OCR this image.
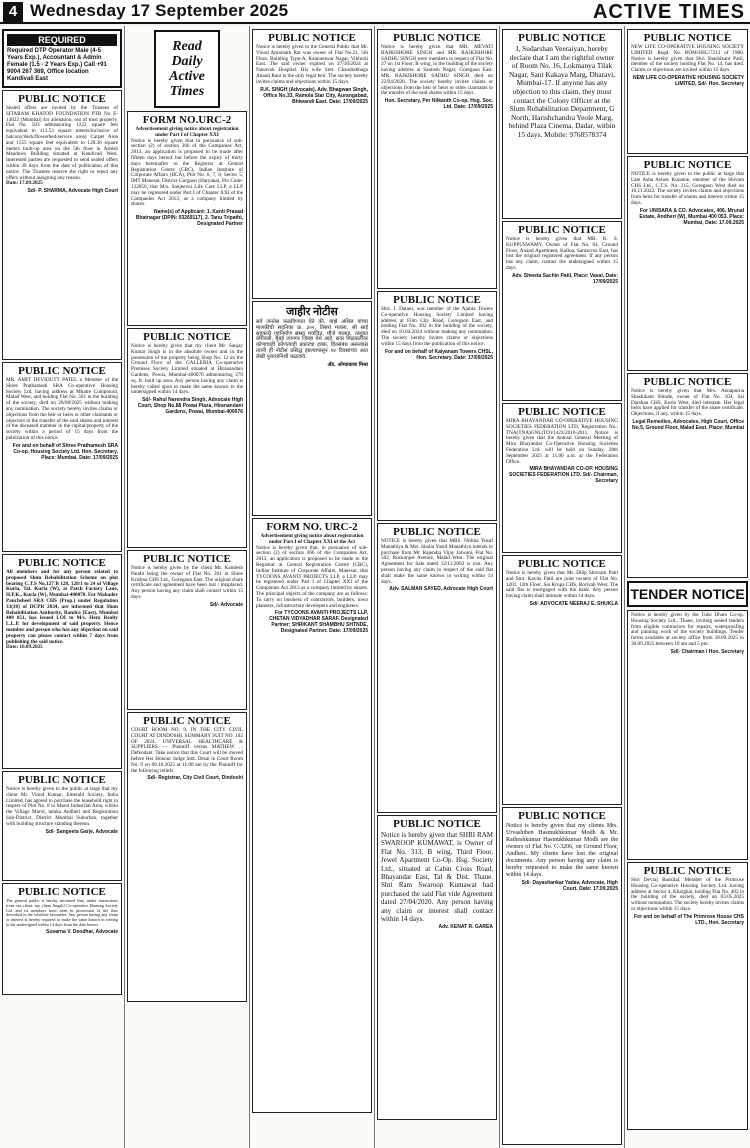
4 Wednesday 17 September 2025	ACTIVE TIMES
REQUIRED

Required DTP Operator Male (4-5 Years Exp.), Accountant & Admin Female (1.5 - 2 Years Exp.) Call +91 9004 267 369, Office location Kandivali East

PUBLIC NOTICE

Sealed offers are invited by the Trustees of SITARAM KHATOD FOUNDATION PTR No E-13822 (Mumbai) for alienation, out of trust property. Flat No. 503 admeasuring 1222 square feet equivalent to 113.53 square meters/inclusive of balcony/deck/flowerbed/service area) Carpet Area and 1555 square feet equivalent to 128.36 square meters built-up area on the 5th floor in Ashish Meadows Building situated at Kandivali West. Interested parties are requested to send sealed offers within 30 days from the date of publication of this notice. The Trustees reserve the right to reject any offers without assigning any reason.

Date: 17.09.2025

Sd/- P. SHARMA, Advocate High Court

PUBLIC NOTICE

MR. AMIT DEVIDUTT PATEL a Member of the Shree Prathamesh SRA Co-operative Housing Society Ltd. having address at Mhatre Compound, Malad West, and holding Flat No. 501 in the building of the society, died on 26/08/2025 without making any nomination. The society hereby invites claims or objections from the heir or heirs or other claimants or objectors to the transfer of the said shares and interest of the deceased member in the capital/property of the society within a period of 15 days from the publication of this notice.

For and on behalf of Shree Prathamesh SRA Co-op. Housing Society Ltd. Hon. Secretary, Place: Mumbai, Date: 17/09/2025

PUBLIC NOTICE

All members and for any person related to proposed Slum Rehabilitation Scheme on plot bearing C.T.S No.127 B 128, 128/1 to 24 of Village Kurla, Tal. Kurla (W), at Patch Factory Lane, H.P.K., Kurla (W), Mumbai-400070. For Mahadev Panchsheel SRA CHS (Prop.) under Regulation 33(10) of DCPR 2034, are informed that Slum Rehabilitation Authority, Bandra (East), Mumbai 400 051, has issued LOI to M/s. Hero Realty L.L.P. for development of said property. Hence member and person who has any objection on said property can please contact within 7 days from publishing the said notice.

Date: 16.09.2025

PUBLIC NOTICE

Notice is hereby given to the public at large that my client Mr. Vinod Kumar, Emerald Society, India Limited, has agreed to purchase the leasehold right in respect of Plot No. 8 in Marol Industrial Area, within the Village Marol, taluka Andheri and Registration Sub-District, District Mumbai Suburban, together with building structure standing thereon.

Sd/- Sangeeta Garje, Advocate

PUBLIC NOTICE

The general public is hereby informed that, under instructions from our client, my client Angalil Co-operative Housing Society Ltd. and its members have been in possession of the flats described in the schedule hereunder. Any person having any claim or interest is hereby required to make the same known in writing to the undersigned within 14 days from the date hereof.

Suvarna V. Deodhar, Advocate

Read Daily Active Times
FORM NO.URC-2

Advertisement giving notice about registration under Part I of Chapter XXI

Notice is hereby given that in pursuance of sub-section (2) of section 366 of the Companies Act, 2013, an application is proposed to be made after fifteen days hereof but before the expiry of thirty days hereinafter to the Registrar at Central Registration Centre (CRC), Indian Institute of Corporate Affairs (IICA), Plot No. 6, 7, 8, Sector 5, IMT Manesar, District Gurgaon (Haryana), Pin Code-122050, that M/s. Sanjeevni Life Care LLP, a LLP may be registered under Part I of Chapter XXI of the Companies Act 2013, as a company limited by shares.

Name(s) of Applicant: 1. Kanti Prasad Bhatnagar (DPIN: 03269117), 2. Tanu Tripathi, Designated Partner

PUBLIC NOTICE

Notice is hereby given that my client Mr. Sanjay Kumar Singh is in the absolute owner and in the possession of the property being Shop No. 12 on the Ground Floor of the GALLERIA Co-operative Premises Society Limited situated at Hiranandani Gardens, Powai, Mumbai-400076 admeasuring 270 sq. ft. built up area. Any person having any claim is hereby called upon to make the same known to the undersigned within 14 days.

Sd/- Rahul Narendra Singh, Advocate High Court, Shop No.88 Powai Plaza, Hiranandani Gardens, Powai, Mumbai-400076

PUBLIC NOTICE

Notice is hereby given by the client Mr. Kamlesh Pandit being the owner of Flat No. 201 in Shree Krishna CHS Ltd., Goregaon East. The original share certificate and agreement have been lost / misplaced. Any person having any claim shall contact within 15 days.

Sd/- Advocate

PUBLIC NOTICE

COURT ROOM NO. 9, IN THE CITY CIVIL COURT AT DINDOSHI. SUMMARY SUIT NO. 102 OF 2024. UNIVERSAL HEALTHCARE & SUPPLIERS — Plaintiff versus MATHEW ... Defendant. Take notice that this Court will be moved before Her Honour Judge Smt. Desai in Court Room No. 9 on 09.10.2025 at 11.00 am by the Plaintiff for the following reliefs.

Sd/- Registrar, City Civil Court, Dindoshi

PUBLIC NOTICE

Notice is hereby given to the General Public that Mr. Vinod Amarnath Rai was owner of Flat No.21, 5th Floor, Building Type-A, Kannamwar Nagar, Vikhroli East. The said owner expired on 27/10/2024 at Nanavati Hospital. His wife Smt. Chandrabhaga Anand Raut is the only legal heir. The society hereby invites claims and objections within 15 days.

R.K. SINGH (Advocate), Adv. Bhagwan Singh, Office No.33, Ramola Star City, Aurangabad, Bhiwandi East. Date: 17/09/2025

जाहीर नोटीस

सर्व जनतेस कळविण्यात येते की, माझे अशिल यांच्या मालकीची सदनिका क्र. ३०२, तिसरा मजला, श्री साई सहकारी गृहनिर्माण संस्था मर्यादित, मौजे मालाड, तालुका बोरीवली, मुंबई उपनगर जिल्हा येथे आहे. सदर मिळकतीवर कोणाचाही कोणत्याही प्रकारचा हक्क, हितसंबंध असल्यास त्यांनी ही नोटीस प्रसिद्ध झाल्यापासून १४ दिवसांच्या आत लेखी पुराव्यानिशी कळवावे.

ॲड. ओमप्रकाश मिश्रा

FORM NO. URC-2

Advertisement giving notice about registration under Part I of Chapter XXI of the Act

Notice is hereby given that, in pursuance of sub-section (2) of section 366 of the Companies Act, 2013, an application is proposed to be made to the Registrar at Central Registration Centre (CRC), Indian Institute of Corporate Affairs, Manesar, that TYCOONS AVANTI PROJECTS LLP, a LLP, may be registered under Part I of Chapter XXI of the Companies Act 2013 as a company limited by shares. The principal objects of the company are as follows: To carry on business of contractors, builders, town planners, infrastructure developers and engineers.

For TYCOONS AVANTI PROJECTS LLP, CHETAN VIDYADHAR SARAF, Designated Partner; SHRIKANT SHAMBHU SHTNDE, Designated Partner. Date: 17/09/2025

PUBLIC NOTICE

Notice is hereby given that MR. MEVATI RAJKISHORE SINGH and MR. RAJKISHORE SADHU SINGH were members in respect of Flat No. 37 on 1st Floor, B wing, in the building of the society having address at Santosh Nagar, Goregaon East. MR. RAJKISHORE SADHU SINGH died on 22/04/2020. The society hereby invites claims or objections from the heir or heirs or other claimants to the transfer of the said shares within 15 days.

Hon. Secretary, Per Nilkanth Co-op. Hsg. Soc. Ltd. Date: 17/09/2025

PUBLIC NOTICE

Shri. J. Datani, was member of the Ajanta Towers Co-operative Housing Society Limited having address at Film City Road, Goregaon East, and holding Flat No. 302 in the building of the society, died on 10.04.2024 without making any nomination. The society hereby invites claims or objections within 15 days from the publication of this notice.

For and on behalf of Kalyanam Towers CHSL, Hon. Secretary. Date: 17/09/2025

PUBLIC NOTICE

NOTICE is hereby given that MRS. Nilima Yusuf Manathiya & Mrs. Shaila Yusuf Manathiya intends to purchase from Mr. Rajendra Vijay Jatwani, Flat No. 502, Rustomjee Avenue, Malad West. The original Agreement for Sale dated 12/11/2003 is lost. Any person having any claim in respect of the said flat shall make the same known in writing within 14 days.

Adv. SALMAN SAYED, Advocate High Court

PUBLIC NOTICE

Notice is hereby given that SHRI RAM SWAROOP KUMAWAT, is Owner of Flat No. 313, B wing, Third Floor, Jewel Apartment Co-Op. Hsg. Society Ltd., situated at Cabin Cross Road, Bhayandar East, Tal & Dist. Thane. Shri Ram Swaroop Kumawat had purchased the said Flat vide Agreement dated 27/04/2020. Any person having any claim or interest shall contact within 14 days.

Adv. KENAT R. GAREA

PUBLIC NOTICE

I, Sudarshan Veeraiyan, hereby declare that I am the rightful owner of Room No. 16, Lokmanya Tilak Nagar, Sant Kakaya Marg, Dharavi, Mumbai-17. If anyone has any objection to this claim, they must contact the Colony Officer at the Slum Rehabilitation Department, G North, Harishchandra Yeole Marg, behind Plaza Cinema, Dadar, within 15 days. Mobile: 9768578374

PUBLIC NOTICE

Notice is hereby given that MR. R. S. KUPPUSWAMY, Owner of Flat No. 04, Ground Floor, Anand Apartment, Kalina, Santacruz East, has lost the original registered agreement. If any person has any claim, contact the undersigned within 15 days.

Adv. Shweta Sachin Patil, Place: Vasai, Date: 17/09/2025

PUBLIC NOTICE

MIRA BHAYANDAR CO-OPERATIVE HOUSING SOCIETIES FEDERATION LTD, Registration No.: TNA(TNA)GNL(TO)/1423/2010-2011. Notice is hereby given that the Annual General Meeting of Mira Bhayandar Co-Operative Housing Societies Federation Ltd. will be held on Sunday, 28th September 2025 at 11.00 a.m. at the Federation Office.

MIRA BHAYANDAR CO-OP. HOUSING SOCIETIES FEDERATION LTD. Sd/- Chairman, Secretary

PUBLIC NOTICE

Notice is hereby given that Mr. Dilip Shivram Patil and Smt. Kavita Patil are joint owners of Flat No. 1201, 12th Floor, Sai Krupa CHS, Borivali West. The said flat is mortgaged with the bank. Any person having claim shall intimate within 14 days.

Sd/- ADVOCATE NEERAJ E. SHUKLA

PUBLIC NOTICE

Notice is hereby given that my clients Mrs. Urvashiben Hasmukhkumar Modh & Mr. Ratheshkumar Hasmukhkumar Modh are the owners of Flat No. C-3206, on Ground Floor, Andheri. My clients have lost the original documents. Any person having any claim is hereby requested to make the same known within 14 days.

Sd/- Dayashankar Yadav, Advocate, High Court. Date: 17.09.2025

PUBLIC NOTICE

NEW LIFE CO-OPERATIVE HOUSING SOCIETY LIMITED. Regd. No. BOM/HSG/7213 of 1980. Notice is hereby given that Shri Shashikant Patil, member of the society holding Flat No. 14, has died. Claims or objections are invited within 15 days.

NEW LIFE CO-OPERATIVE HOUSING SOCIETY LIMITED, Sd/- Hon. Secretary

PUBLIC NOTICE

NOTICE is hereby given to the public at large that Late Asha Ashok Kuranne, member of the Shivam CHS Ltd., C.T.S. No. 215, Goregaon West died on 10.11.2022. The society invites claims and objections from heirs for transfer of shares and interest within 15 days.

For UNISARA & CO. Advocates, 406, Mrunal Estate, Andheri (W), Mumbai 400 053. Place: Mumbai, Date: 17.09.2025

PUBLIC NOTICE

Notice is hereby given that Mrs. Annapurna Shashikant Shinde, owner of Flat No. 104, Sai Darshan CHS, Kurla West, died intestate. Her legal heirs have applied for transfer of the share certificate. Objections, if any, within 15 days.

Legal Remedies, Advocates, High Court, Office No.5, Ground Floor, Malad East. Place: Mumbai

TENDER NOTICE

Notice is hereby given by the Tulsi Dham Co-op. Housing Society Ltd., Thane, inviting sealed tenders from eligible contractors for repairs, waterproofing and painting work of the society buildings. Tender forms available at society office from 18.09.2025 to 30.09.2025 between 10 am and 5 pm.

Sd/- Chairman / Hon. Secretary

PUBLIC NOTICE

Shri Devraj Bansilal, Member of the Primrose Housing Co-operative Housing Society Ltd. having address at Sector 4, Kharghar, holding Flat No. 402 in the building of the society, died on 03.05.2025 without nomination. The society hereby invites claims or objections within 15 days.

For and on behalf of The Primrose House CHS LTD., Hon. Secretary
